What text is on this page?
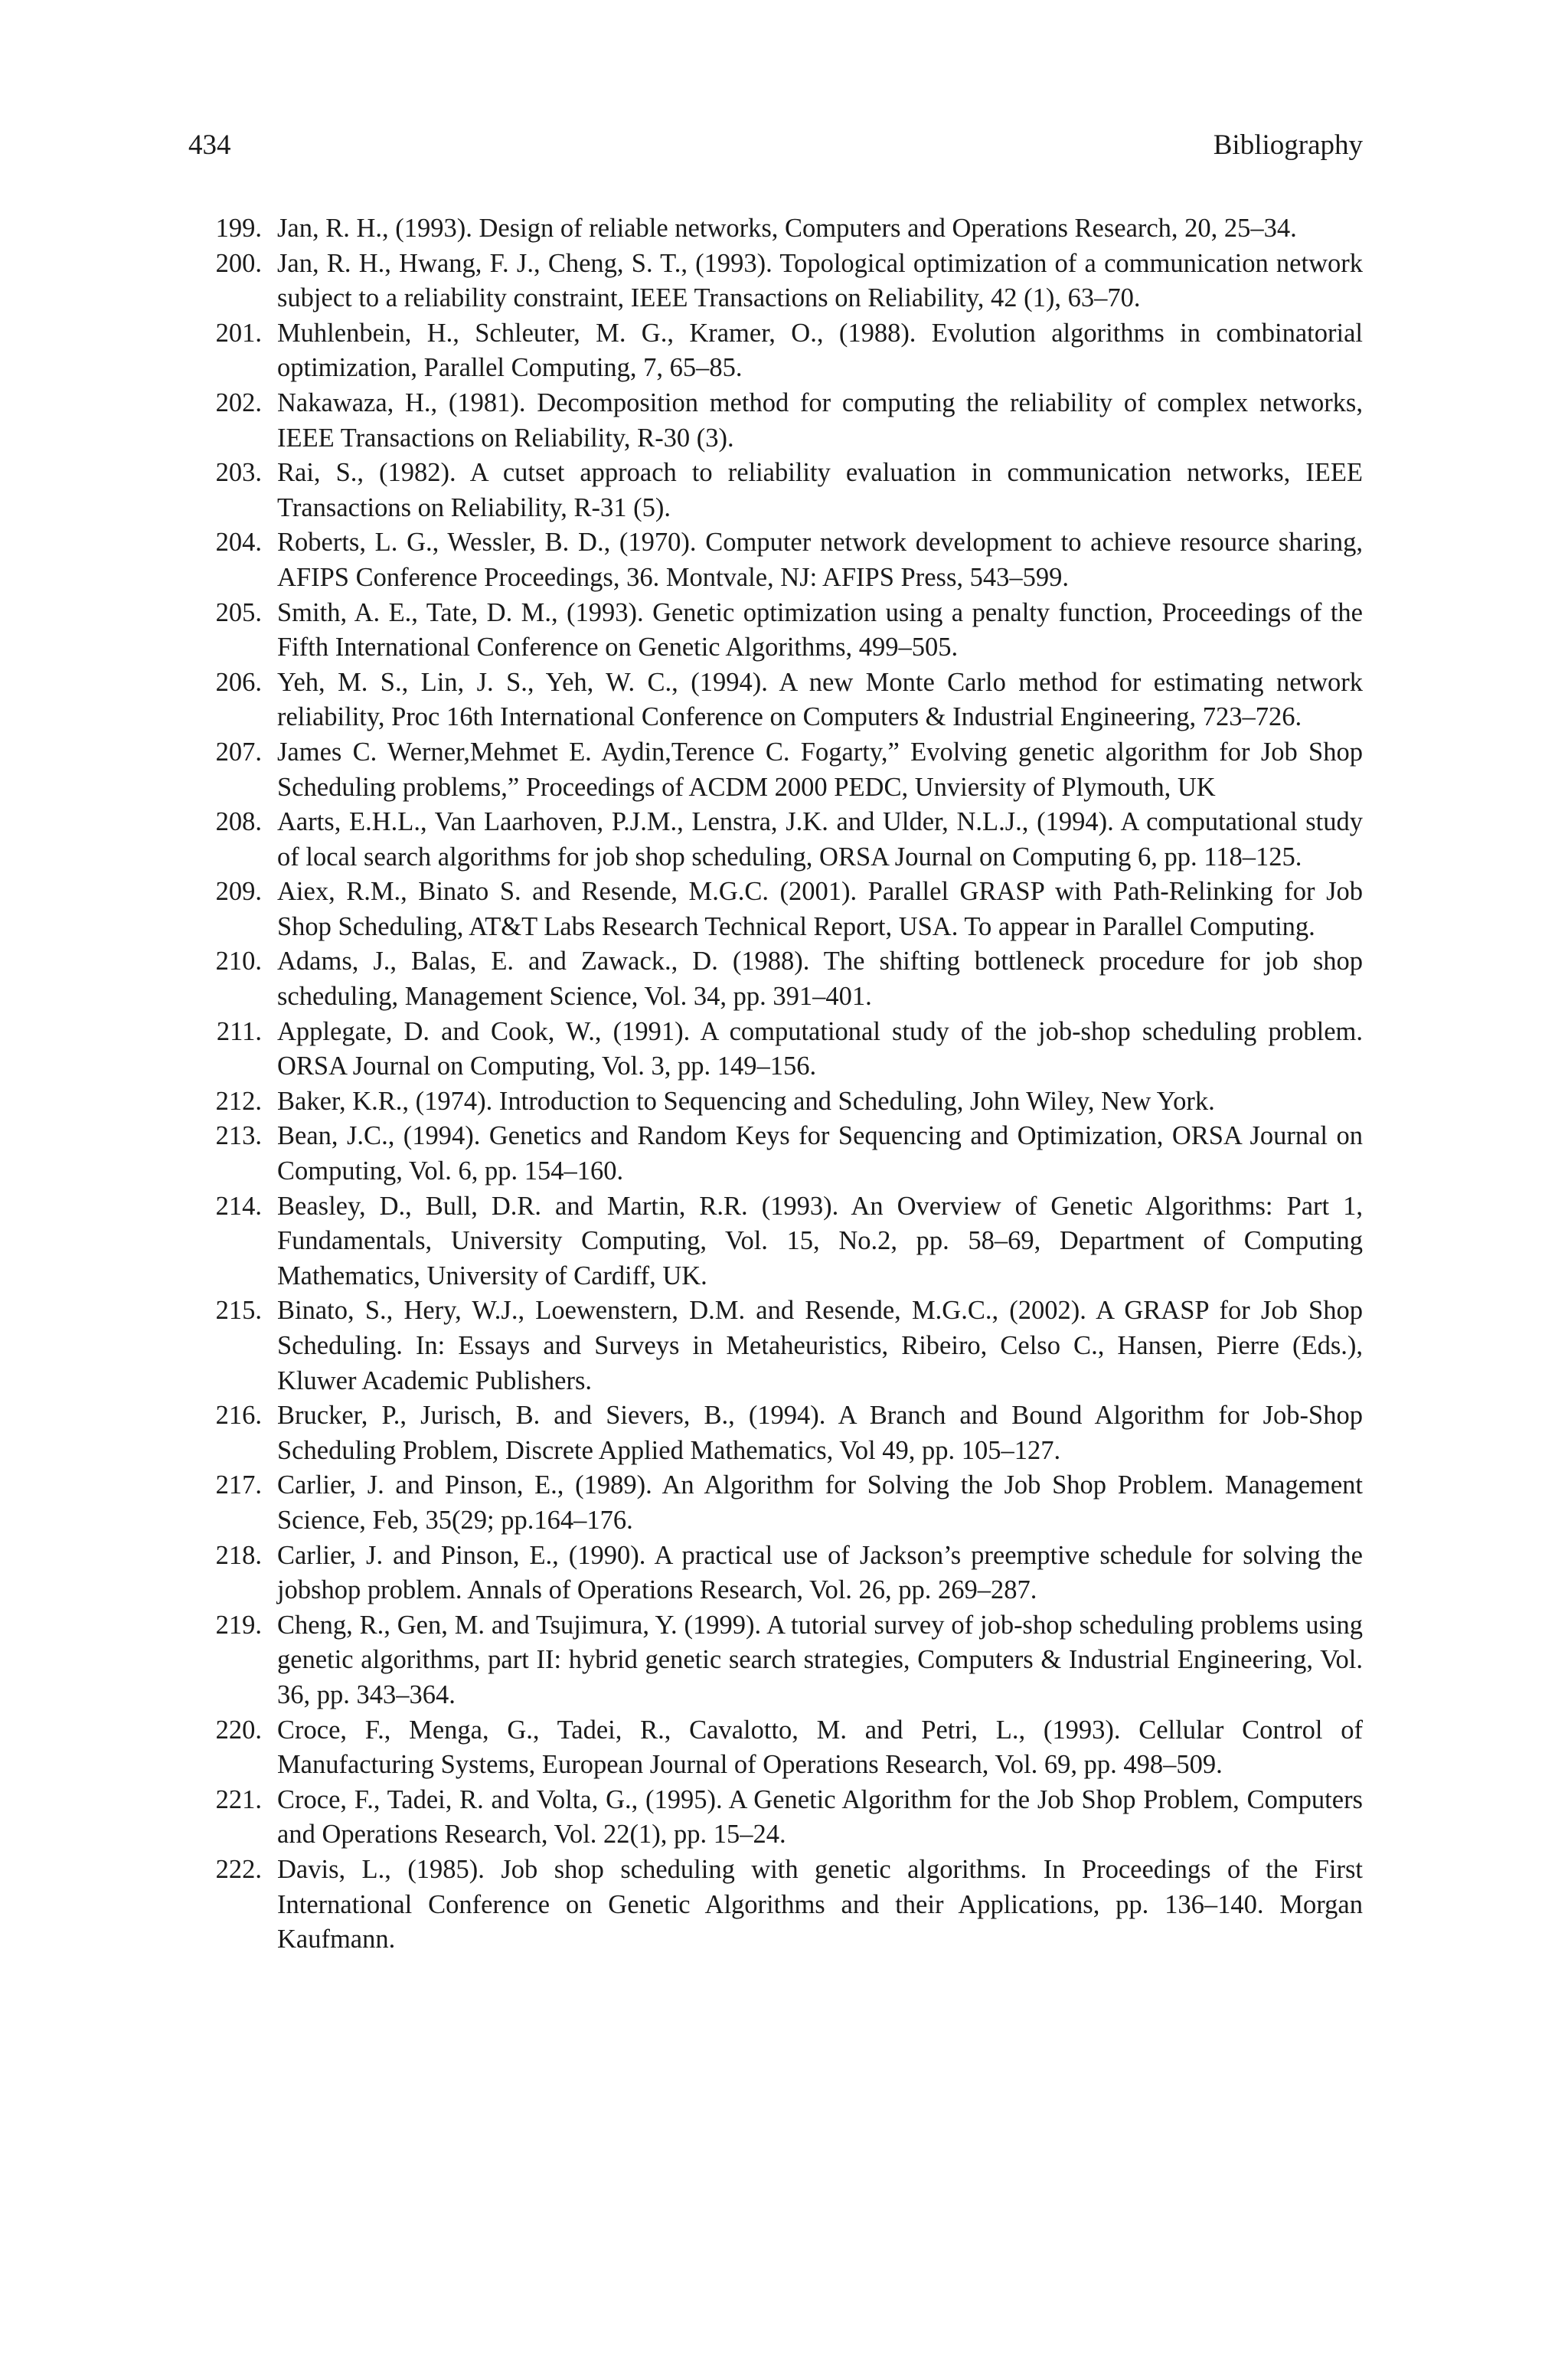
434	Bibliography
199. Jan, R. H., (1993). Design of reliable networks, Computers and Operations Research, 20, 25–34.
200. Jan, R. H., Hwang, F. J., Cheng, S. T., (1993). Topological optimization of a communication network subject to a reliability constraint, IEEE Transactions on Reliability, 42 (1), 63–70.
201. Muhlenbein, H., Schleuter, M. G., Kramer, O., (1988). Evolution algorithms in combinatorial optimization, Parallel Computing, 7, 65–85.
202. Nakawaza, H., (1981). Decomposition method for computing the reliability of complex networks, IEEE Transactions on Reliability, R-30 (3).
203. Rai, S., (1982). A cutset approach to reliability evaluation in communication networks, IEEE Transactions on Reliability, R-31 (5).
204. Roberts, L. G., Wessler, B. D., (1970). Computer network development to achieve resource sharing, AFIPS Conference Proceedings, 36. Montvale, NJ: AFIPS Press, 543–599.
205. Smith, A. E., Tate, D. M., (1993). Genetic optimization using a penalty function, Proceedings of the Fifth International Conference on Genetic Algorithms, 499–505.
206. Yeh, M. S., Lin, J. S., Yeh, W. C., (1994). A new Monte Carlo method for estimating network reliability, Proc 16th International Conference on Computers & Industrial Engineering, 723–726.
207. James C. Werner,Mehmet E. Aydin,Terence C. Fogarty,” Evolving genetic algorithm for Job Shop Scheduling problems,” Proceedings of ACDM 2000 PEDC, Unviersity of Plymouth, UK
208. Aarts, E.H.L., Van Laarhoven, P.J.M., Lenstra, J.K. and Ulder, N.L.J., (1994). A computational study of local search algorithms for job shop scheduling, ORSA Journal on Computing 6, pp. 118–125.
209. Aiex, R.M., Binato S. and Resende, M.G.C. (2001). Parallel GRASP with Path-Relinking for Job Shop Scheduling, AT&T Labs Research Technical Report, USA. To appear in Parallel Computing.
210. Adams, J., Balas, E. and Zawack., D. (1988). The shifting bottleneck procedure for job shop scheduling, Management Science, Vol. 34, pp. 391–401.
211. Applegate, D. and Cook, W., (1991). A computational study of the job-shop scheduling problem. ORSA Journal on Computing, Vol. 3, pp. 149–156.
212. Baker, K.R., (1974). Introduction to Sequencing and Scheduling, John Wiley, New York.
213. Bean, J.C., (1994). Genetics and Random Keys for Sequencing and Optimization, ORSA Journal on Computing, Vol. 6, pp. 154–160.
214. Beasley, D., Bull, D.R. and Martin, R.R. (1993). An Overview of Genetic Algorithms: Part 1, Fundamentals, University Computing, Vol. 15, No.2, pp. 58–69, Department of Computing Mathematics, University of Cardiff, UK.
215. Binato, S., Hery, W.J., Loewenstern, D.M. and Resende, M.G.C., (2002). A GRASP for Job Shop Scheduling. In: Essays and Surveys in Metaheuristics, Ribeiro, Celso C., Hansen, Pierre (Eds.), Kluwer Academic Publishers.
216. Brucker, P., Jurisch, B. and Sievers, B., (1994). A Branch and Bound Algorithm for Job-Shop Scheduling Problem, Discrete Applied Mathematics, Vol 49, pp. 105–127.
217. Carlier, J. and Pinson, E., (1989). An Algorithm for Solving the Job Shop Problem. Management Science, Feb, 35(29; pp.164–176.
218. Carlier, J. and Pinson, E., (1990). A practical use of Jackson’s preemptive schedule for solving the jobshop problem. Annals of Operations Research, Vol. 26, pp. 269–287.
219. Cheng, R., Gen, M. and Tsujimura, Y. (1999). A tutorial survey of job-shop scheduling problems using genetic algorithms, part II: hybrid genetic search strategies, Computers & Industrial Engineering, Vol. 36, pp. 343–364.
220. Croce, F., Menga, G., Tadei, R., Cavalotto, M. and Petri, L., (1993). Cellular Control of Manufacturing Systems, European Journal of Operations Research, Vol. 69, pp. 498–509.
221. Croce, F., Tadei, R. and Volta, G., (1995). A Genetic Algorithm for the Job Shop Problem, Computers and Operations Research, Vol. 22(1), pp. 15–24.
222. Davis, L., (1985). Job shop scheduling with genetic algorithms. In Proceedings of the First International Conference on Genetic Algorithms and their Applications, pp. 136–140. Morgan Kaufmann.
